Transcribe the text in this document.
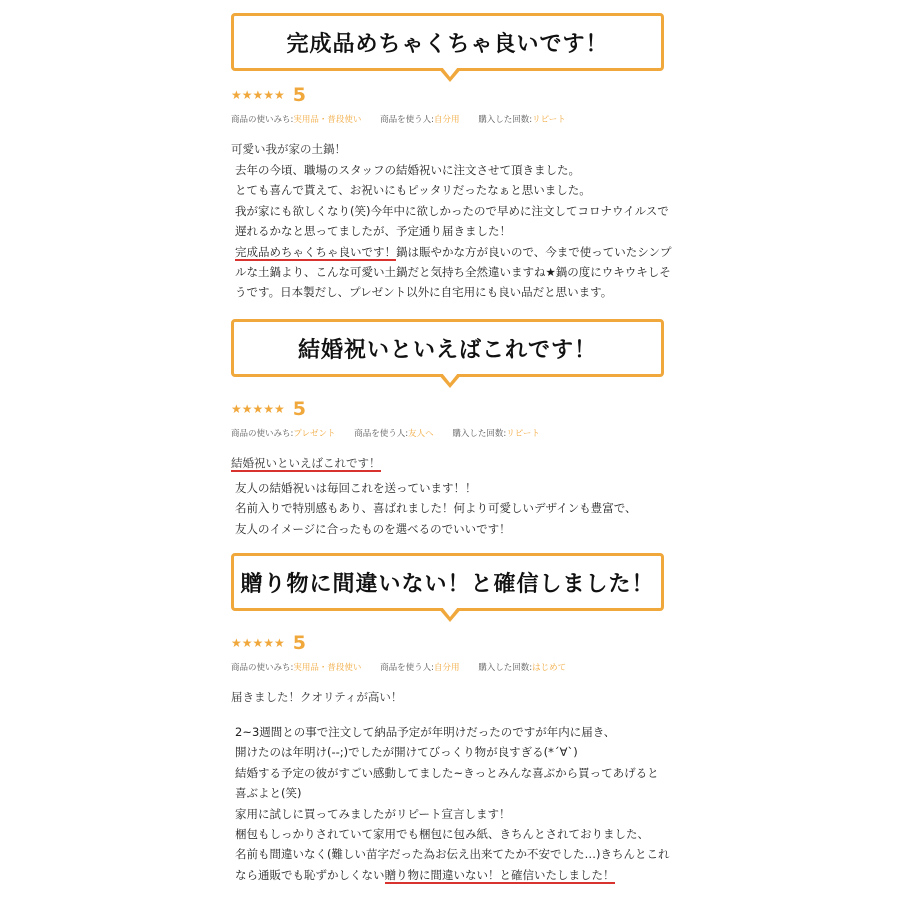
完成品めちゃくちゃ良いです！
★★★★★ 5
商品の使いみち:実用品・普段使い 商品を使う人:自分用 購入した回数:リピート
可愛い我が家の土鍋！
去年の今頃、職場のスタッフの結婚祝いに注文させて頂きました。
とても喜んで貰えて、お祝いにもピッタリだったなぁと思いました。
我が家にも欲しくなり(笑)今年中に欲しかったので早めに注文してコロナウイルスで
遅れるかなと思ってましたが、予定通り届きました！
完成品めちゃくちゃ良いです！鍋は賑やかな方が良いので、今まで使っていたシンプ
ルな土鍋より、こんな可愛い土鍋だと気持ち全然違いますね★鍋の度にウキウキしそ
うです。日本製だし、プレゼント以外に自宅用にも良い品だと思います。
結婚祝いといえばこれです！
★★★★★ 5
商品の使いみち:プレゼント 商品を使う人:友人へ 購入した回数:リピート
結婚祝いといえばこれです！
友人の結婚祝いは毎回これを送っています！！
名前入りで特別感もあり、喜ばれました！何より可愛しいデザインも豊富で、
友人のイメージに合ったものを選べるのでいいです！
贈り物に間違いない！と確信しました！
★★★★★ 5
商品の使いみち:実用品・普段使い 商品を使う人:自分用 購入した回数:はじめて
届きました！クオリティが高い！
2~3週間との事で注文して納品予定が年明けだったのですが年内に届き、
開けたのは年明け(--;)でしたが開けてびっくり物が良すぎる(*´∀`)
結婚する予定の彼がすごい感動してました~きっとみんな喜ぶから買ってあげると
喜ぶよと(笑)
家用に試しに買ってみましたがリピート宣言します！
梱包もしっかりされていて家用でも梱包に包み紙、きちんとされておりました、
名前も間違いなく(難しい苗字だった為お伝え出来てたか不安でした…)きちんとこれ
なら通販でも恥ずかしくない贈り物に間違いない！と確信いたしました！
